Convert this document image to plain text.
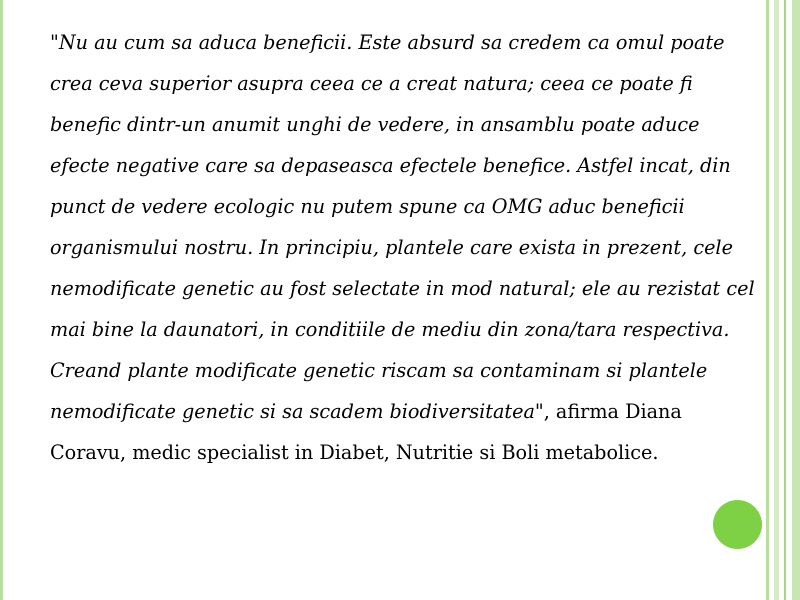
"Nu au cum sa aduca beneficii. Este absurd sa credem ca omul poate crea ceva superior asupra ceea ce a creat natura; ceea ce poate fi benefic dintr-un anumit unghi de vedere, in ansamblu poate aduce efecte negative care sa depaseasca efectele benefice. Astfel incat, din punct de vedere ecologic nu putem spune ca OMG aduc beneficii organismului nostru. In principiu, plantele care exista in prezent, cele nemodificate genetic au fost selectate in mod natural; ele au rezistat cel mai bine la daunatori, in conditiile de mediu din zona/tara respectiva. Creand plante modificate genetic riscam sa contaminam si plantele nemodificate genetic si sa scadem biodiversitatea", afirma Diana Coravu, medic specialist in Diabet, Nutritie si Boli metabolice.
